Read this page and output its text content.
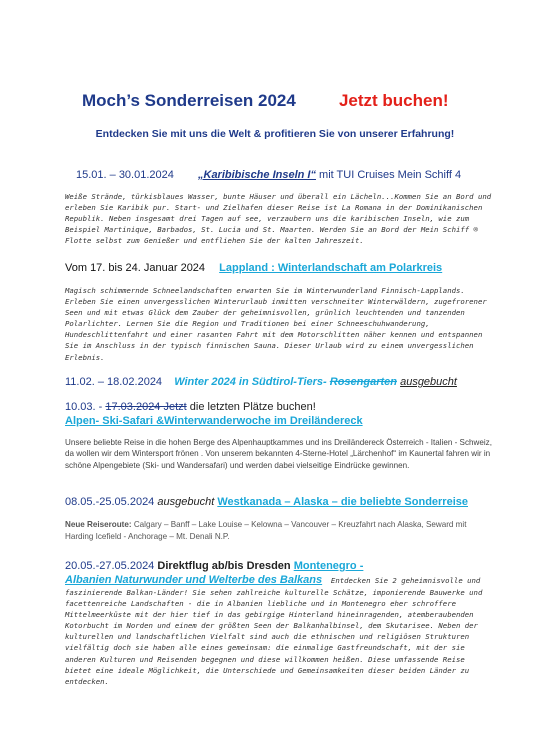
Moch’s Sonderreisen 2024	Jetzt buchen!
Entdecken Sie mit uns die Welt & profitieren Sie von unserer Erfahrung!
15.01. – 30.01.2024 „Karibibische Inseln I“ mit TUI Cruises Mein Schiff 4
Weiße Strände, türkisblaues Wasser, bunte Häuser und überall ein Lächeln...Kommen Sie an Bord und erleben Sie Karibik pur. Start- und Zielhafen dieser Reise ist La Romana in der Dominikanischen Republik. Neben insgesamt drei Tagen auf see, verzaubern uns die karibischen Inseln, wie zum Beispiel Martinique, Barbados, St. Lucia und St. Maarten. Werden Sie an Bord der Mein Schiff ® Flotte selbst zum Genießer und entfliehen Sie der kalten Jahreszeit.
Vom 17. bis 24. Januar 2024 Lappland : Winterlandschaft am Polarkreis
Magisch schimmernde Schneelandschaften erwarten Sie im Winterwunderland Finnisch-Lapplands. Erleben Sie einen unvergesslichen Winterurlaub inmitten verschneiter Winterwäldern, zugefrorener Seen und mit etwas Glück dem Zauber der geheimnisvollen, grünlich leuchtenden und tanzenden Polarlichter. Lernen Sie die Region und Traditionen bei einer Schneeschuhwanderung, Hundeschlittenfahrt und einer rasanten Fahrt mit dem Motorschlitten näher kennen und entspannen Sie im Anschluss in der typisch finnischen Sauna. Dieser Urlaub wird zu einem unvergesslichen Erlebnis.
11.02. – 18.02.2024 Winter 2024 in Südtirol-Tiers- Rosengarten ausgebucht
10.03. - 17.03.2024 Jetzt die letzten Plätze buchen!
Alpen- Ski-Safari &Winterwanderwoche im Dreiländereck
Unsere beliebte Reise in die hohen Berge des Alpenhauptkammes und ins Dreiländereck Österreich - Italien - Schweiz, da wollen wir dem Wintersport frönen . Von unserem bekannten 4-Sterne-Hotel „Lärchenhof“ im Kaunertal fahren wir in schöne Alpengebiete (Ski- und Wandersafari) und werden dabei vielseitige Eindrücke gewinnen.
08.05.-25.05.2024 ausgebucht Westkanada – Alaska – die beliebte Sonderreise
Neue Reiseroute: Calgary – Banff – Lake Louise – Kelowna – Vancouver – Kreuzfahrt nach Alaska, Seward mit Harding Icefield - Anchorage – Mt. Denali N.P.
20.05.-27.05.2024 Direktflug ab/bis Dresden Montenegro -
Albanien Naturwunder und Welterbe des Balkans Entdecken Sie 2 geheimnisvolle und faszinierende Balkan-Länder! Sie sehen zahlreiche kulturelle Schätze, imponierende Bauwerke und facettenreiche Landschaften - die in Albanien liebliche und in Montenegro eher schroffere Mittelmeerküste mit der hier tief in das gebirgige Hinterland hineinragenden, atemberaubenden Kotorbucht im Norden und einem der größten Seen der Balkanhalbinsel, dem Skutarisee. Neben der kulturellen und landschaftlichen Vielfalt sind auch die ethnischen und religiösen Strukturen vielfältig doch sie haben alle eines gemeinsam: die einmalige Gastfreundschaft, mit der sie anderen Kulturen und Reisenden begegnen und diese willkommen heißen. Diese umfassende Reise bietet eine ideale Möglichkeit, die Unterschiede und Gemeinsamkeiten dieser beiden Länder zu entdecken.
